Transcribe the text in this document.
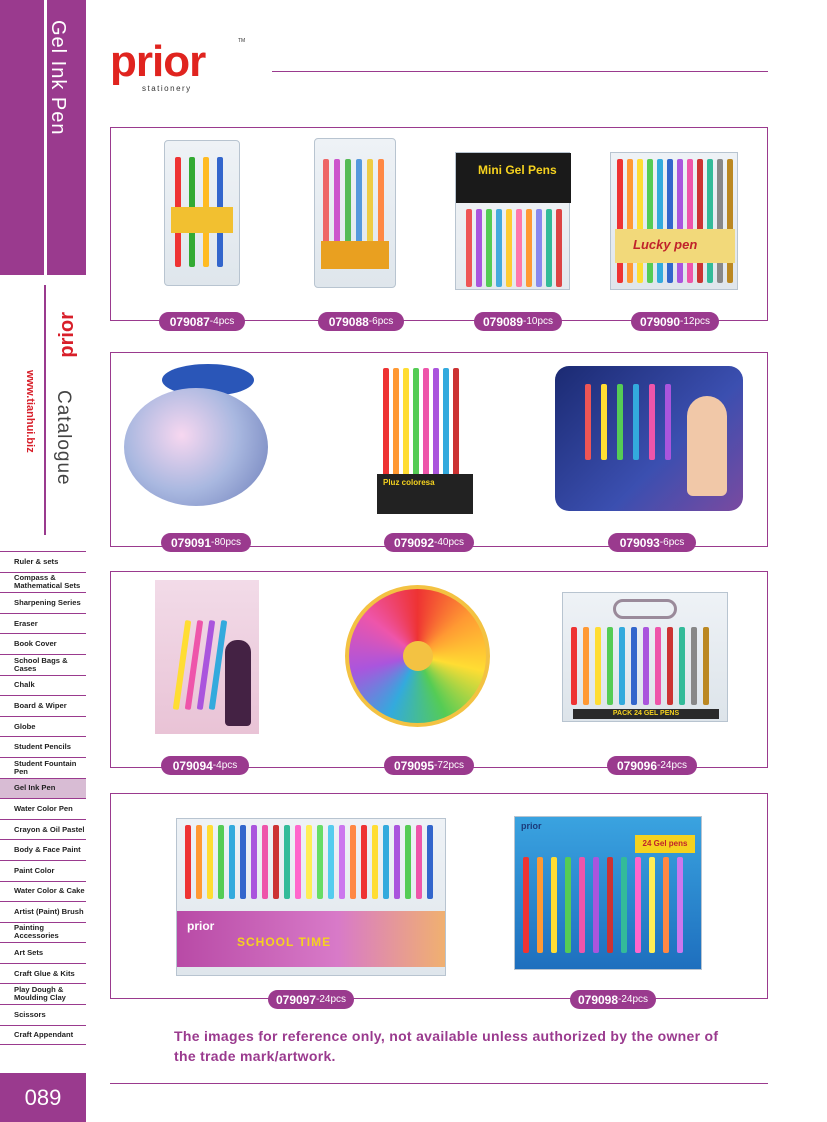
Gel Ink Pen
prior
www.tianhui.biz Catalogue
Ruler & sets
Compass & Mathematical Sets
Sharpening Series
Eraser
Book Cover
School Bags & Cases
Chalk
Board & Wiper
Globe
Student Pencils
Student Fountain Pen
Gel Ink Pen
Water Color Pen
Crayon & Oil Pastel
Body & Face Paint
Paint Color
Water Color & Cake
Artist (Paint) Brush
Painting Accessories
Art Sets
Craft Glue & Kits
Play Dough & Moulding Clay
Scissors
Craft Appendant
089
prior
stationery
TM
Mini Gel Pens
Lucky pen
Pluz coloresa
PACK 24 GEL PENS
prior
SCHOOL TIME
prior
24 Gel pens
079087 -4pcs	079088 -6pcs	079089 -10pcs	079090 -12pcs
079091 -80pcs	079092 -40pcs	079093 -6pcs
079094 -4pcs	079095 -72pcs	079096 -24pcs
079097 -24pcs	079098 -24pcs
The images for reference only, not available unless authorized by the owner of the trade mark/artwork.
